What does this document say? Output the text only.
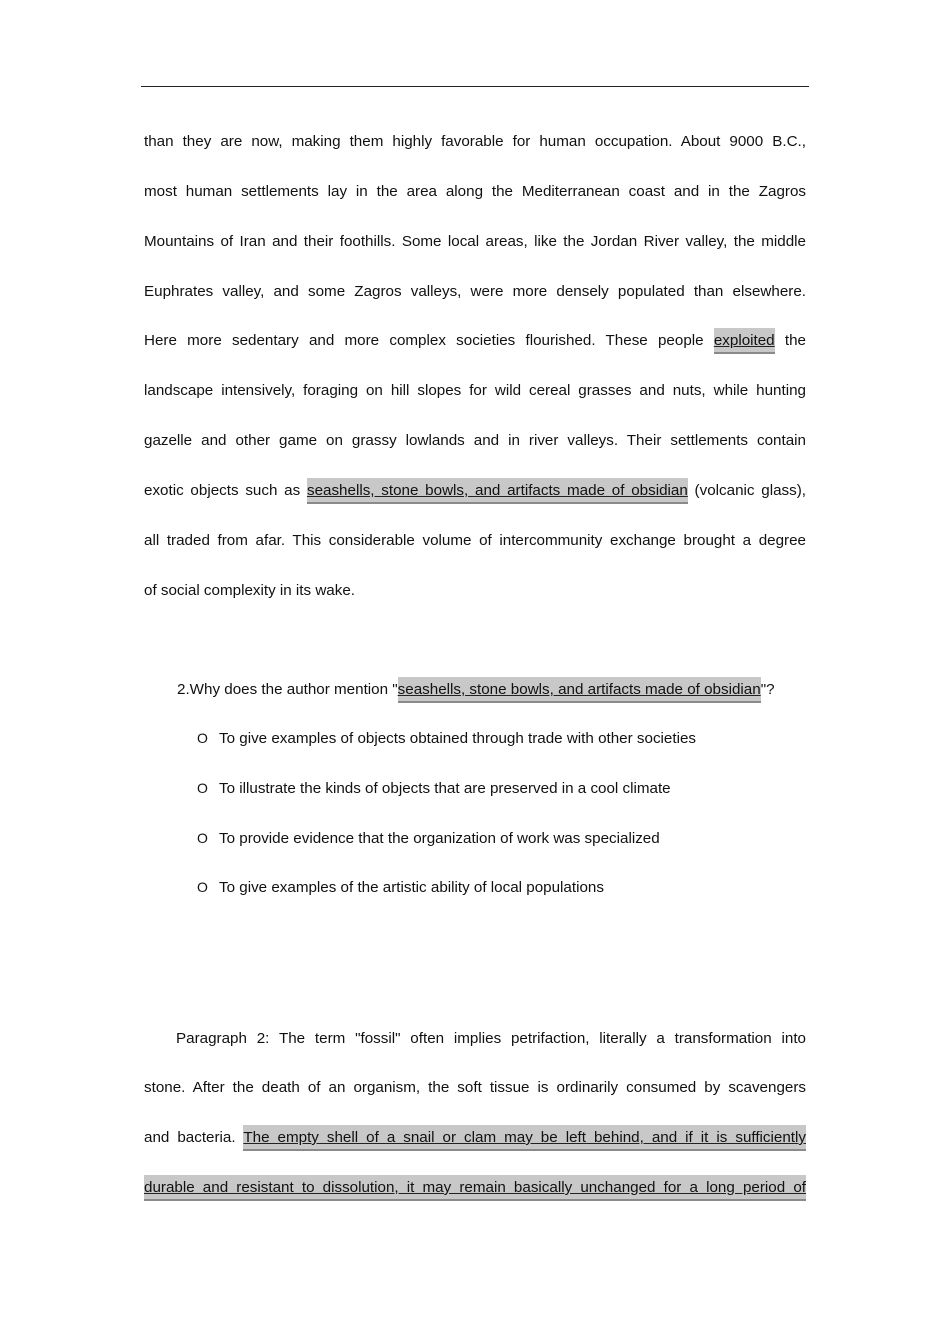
than they are now, making them highly favorable for human occupation. About 9000 B.C.,
most human settlements lay in the area along the Mediterranean coast and in the Zagros
Mountains of Iran and their foothills. Some local areas, like the Jordan River valley, the middle
Euphrates valley, and some Zagros valleys, were more densely populated than elsewhere.
Here more sedentary and more complex societies flourished. These people exploited the
landscape intensively, foraging on hill slopes for wild cereal grasses and nuts, while hunting
gazelle and other game on grassy lowlands and in river valleys. Their settlements contain
exotic objects such as seashells, stone bowls, and artifacts made of obsidian (volcanic glass),
all traded from afar. This considerable volume of intercommunity exchange brought a degree
of social complexity in its wake.
2.Why does the author mention "seashells, stone bowls, and artifacts made of obsidian"?
O To give examples of objects obtained through trade with other societies
O To illustrate the kinds of objects that are preserved in a cool climate
O To provide evidence that the organization of work was specialized
O To give examples of the artistic ability of local populations
Paragraph 2: The term "fossil" often implies petrifaction, literally a transformation into
stone. After the death of an organism, the soft tissue is ordinarily consumed by scavengers
and bacteria. The empty shell of a snail or clam may be left behind, and if it is sufficiently
durable and resistant to dissolution, it may remain basically unchanged for a long period of
